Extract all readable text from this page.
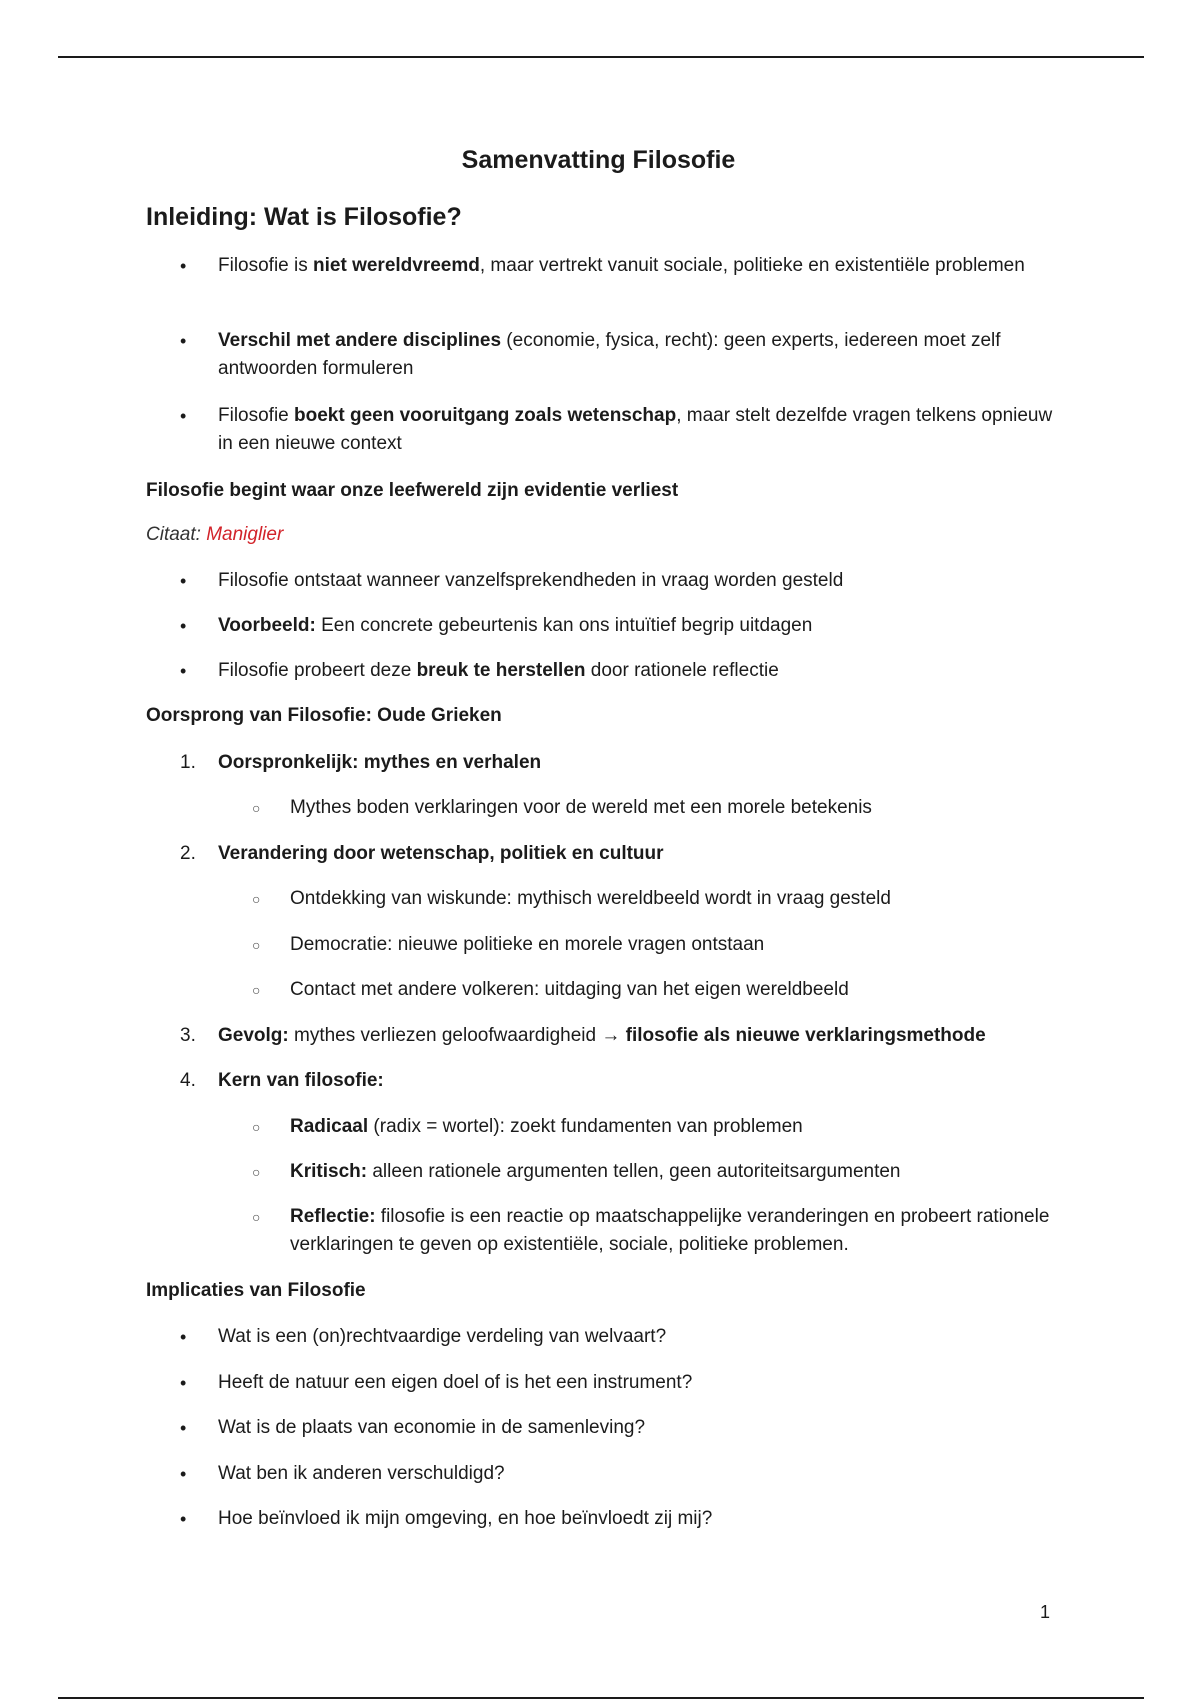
Samenvatting Filosofie
Inleiding: Wat is Filosofie?
• Filosofie is niet wereldvreemd, maar vertrekt vanuit sociale, politieke en existentiële problemen
• Verschil met andere disciplines (economie, fysica, recht): geen experts, iedereen moet zelf antwoorden formuleren
• Filosofie boekt geen vooruitgang zoals wetenschap, maar stelt dezelfde vragen telkens opnieuw in een nieuwe context
Filosofie begint waar onze leefwereld zijn evidentie verliest
Citaat: Maniglier
• Filosofie ontstaat wanneer vanzelfsprekendheden in vraag worden gesteld
• Voorbeeld: Een concrete gebeurtenis kan ons intuïtief begrip uitdagen
• Filosofie probeert deze breuk te herstellen door rationele reflectie
Oorsprong van Filosofie: Oude Grieken
1. Oorspronkelijk: mythes en verhalen
○ Mythes boden verklaringen voor de wereld met een morele betekenis
2. Verandering door wetenschap, politiek en cultuur
○ Ontdekking van wiskunde: mythisch wereldbeeld wordt in vraag gesteld
○ Democratie: nieuwe politieke en morele vragen ontstaan
○ Contact met andere volkeren: uitdaging van het eigen wereldbeeld
3. Gevolg: mythes verliezen geloofwaardigheid → filosofie als nieuwe verklaringsmethode
4. Kern van filosofie:
○ Radicaal (radix = wortel): zoekt fundamenten van problemen
○ Kritisch: alleen rationele argumenten tellen, geen autoriteitsargumenten
○ Reflectie: filosofie is een reactie op maatschappelijke veranderingen en probeert rationele verklaringen te geven op existentiële, sociale, politieke problemen.
Implicaties van Filosofie
• Wat is een (on)rechtvaardige verdeling van welvaart?
• Heeft de natuur een eigen doel of is het een instrument?
• Wat is de plaats van economie in de samenleving?
• Wat ben ik anderen verschuldigd?
• Hoe beïnvloed ik mijn omgeving, en hoe beïnvloedt zij mij?
1
